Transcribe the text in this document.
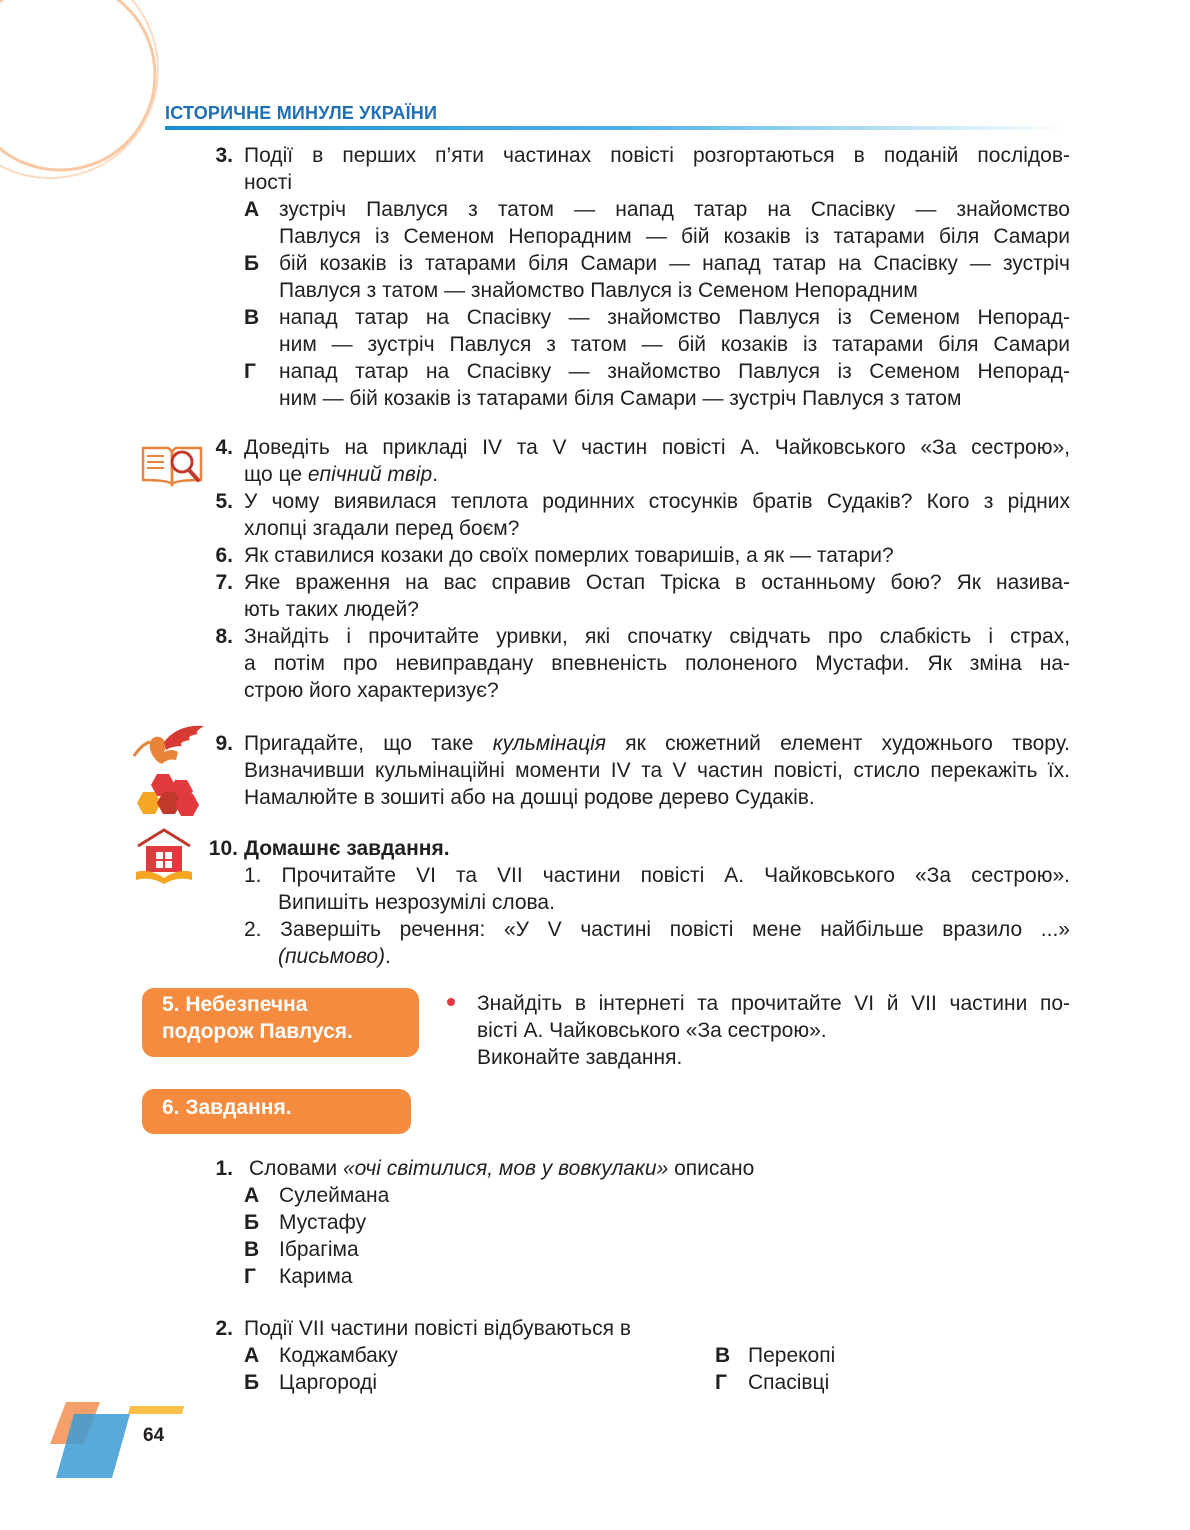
ІСТОРИЧНЕ МИНУЛЕ УКРАЇНИ
3. Події в перших п’яти частинах повісті розгортаються в поданій послідов-
ності
А зустріч Павлуся з татом — напад татар на Спасівку — знайомство
Павлуся із Семеном Непорадним — бій козаків із татарами біля Самари
Б бій козаків із татарами біля Самари — напад татар на Спасівку — зустріч
Павлуся з татом — знайомство Павлуся із Семеном Непорадним
В напад татар на Спасівку — знайомство Павлуся із Семеном Непорад-
ним — зустріч Павлуся з татом — бій козаків із татарами біля Самари
Г напад татар на Спасівку — знайомство Павлуся із Семеном Непорад-
ним — бій козаків із татарами біля Самари — зустріч Павлуся з татом
4. Доведіть на прикладі IV та V частин повісті А. Чайковського «За сестрою»,
що це епічний твір.
5. У чому виявилася теплота родинних стосунків братів Судаків? Кого з рідних
хлопці згадали перед боєм?
6. Як ставилися козаки до своїх померлих товаришів, а як — татари?
7. Яке враження на вас справив Остап Тріска в останньому бою? Як назива-
ють таких людей?
8. Знайдіть і прочитайте уривки, які спочатку свідчать про слабкість і страх,
а потім про невиправдану впевненість полоненого Мустафи. Як зміна на-
строю його характеризує?
9. Пригадайте, що таке кульмінація як сюжетний елемент художнього твору.
Визначивши кульмінаційні моменти IV та V частин повісті, стисло перекажіть їх.
Намалюйте в зошиті або на дошці родове дерево Судаків.
10. Домашнє завдання.
1. Прочитайте VI та VII частини повісті А. Чайковського «За сестрою».
Випишіть незрозумілі слова.
2. Завершіть речення: «У V частині повісті мене найбільше вразило ...»
(письмово).
5. Небезпечна
подорож Павлуся.
Знайдіть в інтернеті та прочитайте VI й VII частини по-
вісті А. Чайковського «За сестрою».
Виконайте завдання.
6. Завдання.
1. Словами «очі світилися, мов у вовкулаки» описано
А Сулеймана
Б Мустафу
В Ібрагіма
Г Карима
2. Події VII частини повісті відбуваються в
А Коджамбаку	В Перекопі
Б Царгороді	Г Спасівці
64
